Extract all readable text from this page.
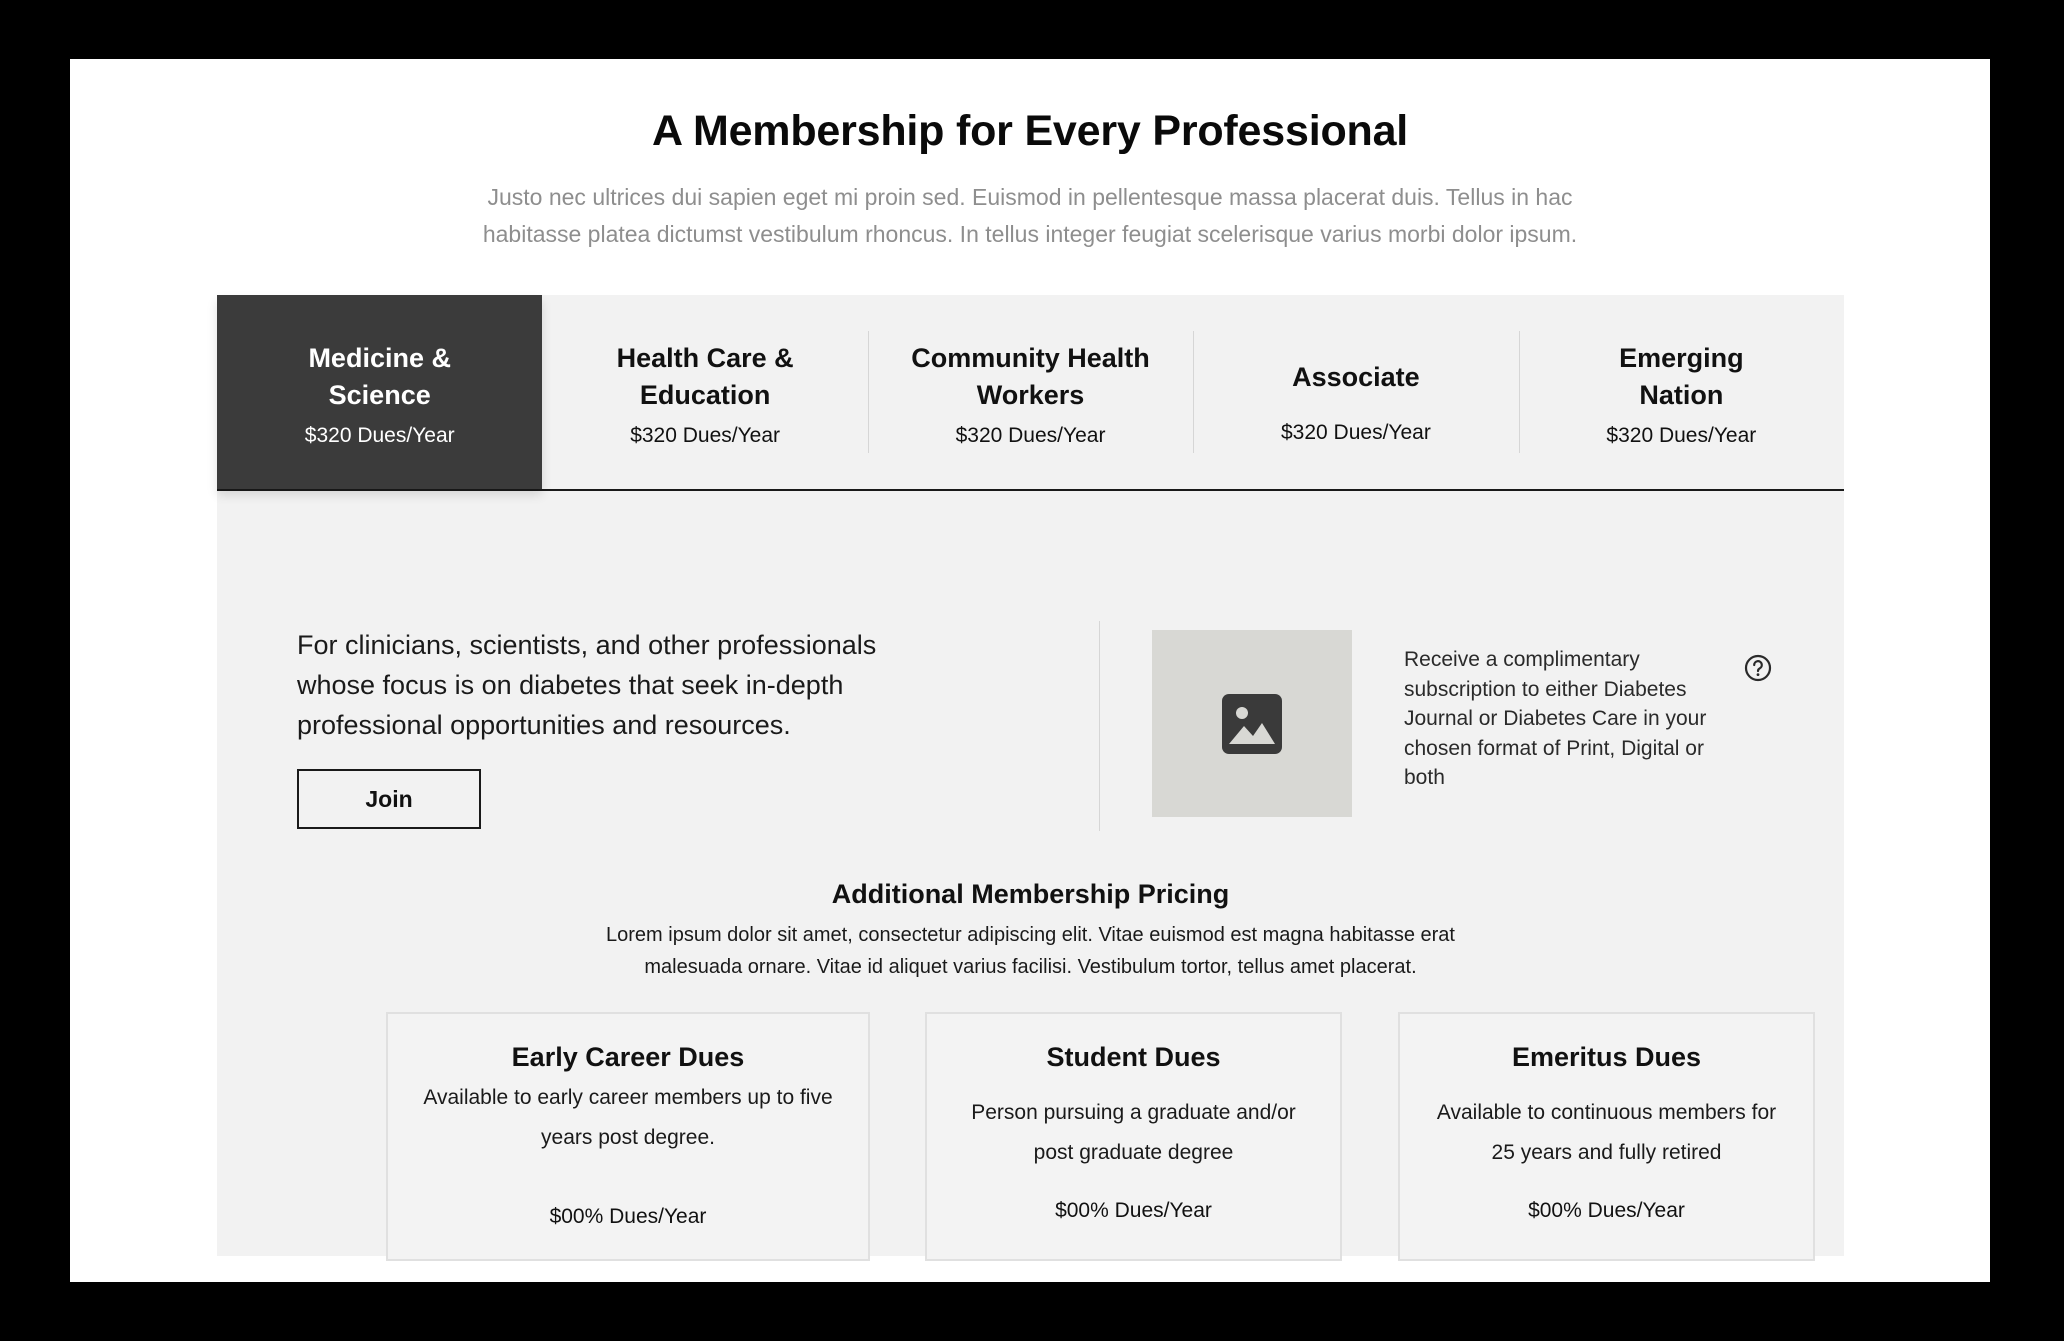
A Membership for Every Professional

Justo nec ultrices dui sapien eget mi proin sed. Euismod in pellentesque massa placerat duis. Tellus in hac habitasse platea dictumst vestibulum rhoncus. In tellus integer feugiat scelerisque varius morbi dolor ipsum.

Medicine & Science
$320 Dues/Year
Health Care & Education
$320 Dues/Year
Community Health Workers
$320 Dues/Year
Associate
$320 Dues/Year
Emerging Nation
$320 Dues/Year

For clinicians, scientists, and other professionals whose focus is on diabetes that seek in-depth professional opportunities and resources.

Join

Receive a complimentary subscription to either Diabetes Journal or Diabetes Care in your chosen format of Print, Digital or both

Additional Membership Pricing

Lorem ipsum dolor sit amet, consectetur adipiscing elit. Vitae euismod est magna habitasse erat malesuada ornare. Vitae id aliquet varius facilisi. Vestibulum tortor, tellus amet placerat.

Early Career Dues
Available to early career members up to five years post degree.
$00% Dues/Year
Student Dues
Person pursuing a graduate and/or post graduate degree
$00% Dues/Year
Emeritus Dues
Available to continuous members for 25 years and fully retired
$00% Dues/Year
